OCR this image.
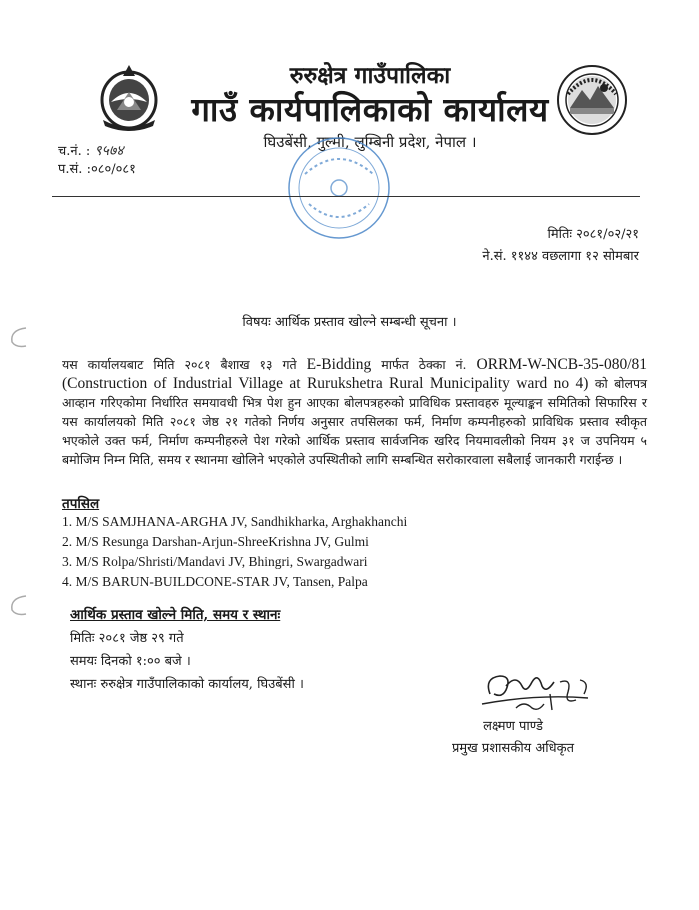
रुरुक्षेत्र गाउँपालिका
गाउँ कार्यपालिकाको कार्यालय
घिउबेंसी, गुल्मी, लुम्बिनी प्रदेश, नेपाल ।
च.नं. : ९५७४
प.सं. :०८०/०८१
मितिः २०८१/०२/२१
ने.सं. ११४४ वछलागा १२ सोमबार
विषयः आर्थिक प्रस्ताव खोल्ने सम्बन्धी सूचना ।
यस कार्यालयबाट मिति २०८१ बैशाख १३ गते E-Bidding मार्फत ठेक्का नं. ORRM-W-NCB-35-080/81 (Construction of Industrial Village at Rurukshetra Rural Municipality ward no 4) को बोलपत्र आव्हान गरिएकोमा निर्धारित समयावधी भित्र पेश हुन आएका बोलपत्रहरुको प्राविधिक प्रस्तावहरु मूल्याङ्कन समितिको सिफारिस र यस कार्यालयको मिति २०८१ जेष्ठ २१ गतेको निर्णय अनुसार तपसिलका फर्म, निर्माण कम्पनीहरुको प्राविधिक प्रस्ताव स्वीकृत भएकोले उक्त फर्म, निर्माण कम्पनीहरुले पेश गरेको आर्थिक प्रस्ताव सार्वजनिक खरिद नियमावलीको नियम ३१ ज उपनियम ५ बमोजिम निम्न मिति, समय र स्थानमा खोलिने भएकोले उपस्थितीको लागि सम्बन्धित सरोकारवाला सबैलाई जानकारी गराईन्छ ।
तपसिल
1. M/S SAMJHANA-ARGHA JV, Sandhikharka, Arghakhanchi
2. M/S Resunga Darshan-Arjun-ShreeKrishna JV, Gulmi
3. M/S Rolpa/Shristi/Mandavi JV, Bhingri, Swargadwari
4. M/S BARUN-BUILDCONE-STAR JV, Tansen, Palpa
आर्थिक प्रस्ताव खोल्ने मिति, समय र स्थानः
मितिः २०८१ जेष्ठ २९ गते
समयः दिनको १:०० बजे ।
स्थानः रुरुक्षेत्र गाउँपालिकाको कार्यालय, घिउबेंसी ।
लक्ष्मण पाण्डे
प्रमुख प्रशासकीय अधिकृत
